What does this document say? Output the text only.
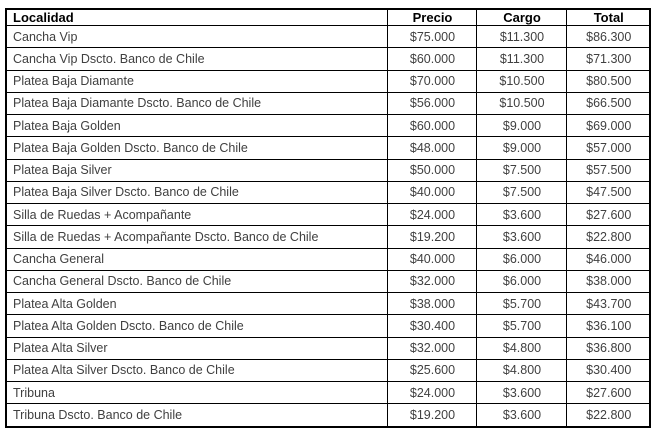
Localidad	Precio	Cargo	Total
Cancha Vip	$75.000	$11.300	$86.300
Cancha Vip Dscto. Banco de Chile	$60.000	$11.300	$71.300
Platea Baja Diamante	$70.000	$10.500	$80.500
Platea Baja Diamante Dscto. Banco de Chile	$56.000	$10.500	$66.500
Platea Baja Golden	$60.000	$9.000	$69.000
Platea Baja Golden Dscto. Banco de Chile	$48.000	$9.000	$57.000
Platea Baja Silver	$50.000	$7.500	$57.500
Platea Baja Silver Dscto. Banco de Chile	$40.000	$7.500	$47.500
Silla de Ruedas + Acompañante	$24.000	$3.600	$27.600
Silla de Ruedas + Acompañante Dscto. Banco de Chile	$19.200	$3.600	$22.800
Cancha General	$40.000	$6.000	$46.000
Cancha General Dscto. Banco de Chile	$32.000	$6.000	$38.000
Platea Alta Golden	$38.000	$5.700	$43.700
Platea Alta Golden Dscto. Banco de Chile	$30.400	$5.700	$36.100
Platea Alta Silver	$32.000	$4.800	$36.800
Platea Alta Silver Dscto. Banco de Chile	$25.600	$4.800	$30.400
Tribuna	$24.000	$3.600	$27.600
Tribuna Dscto. Banco de Chile	$19.200	$3.600	$22.800
